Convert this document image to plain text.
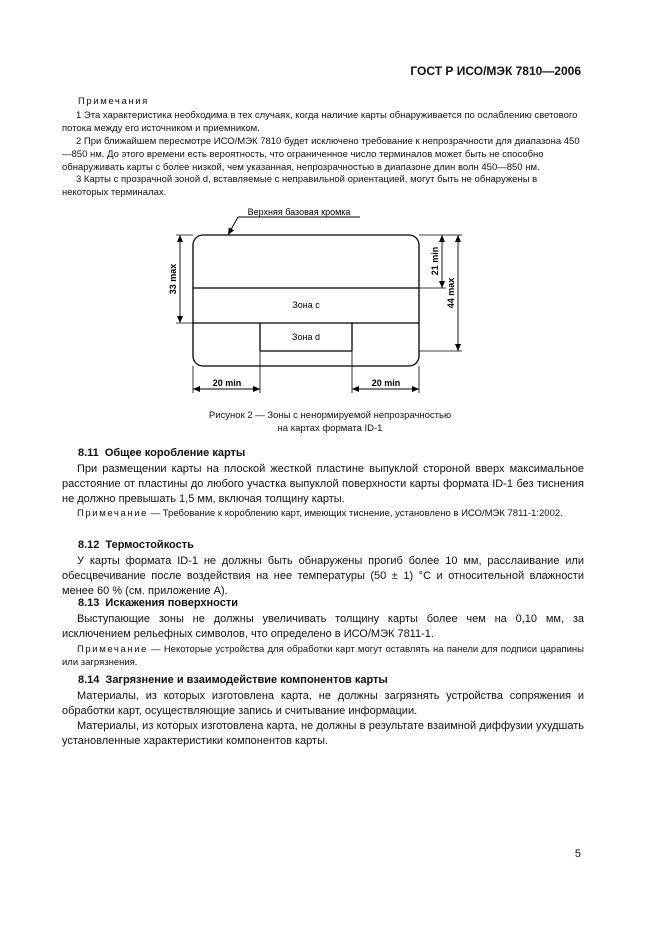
ГОСТ Р ИСО/МЭК 7810—2006
Примечания
1 Эта характеристика необходима в тех случаях, когда наличие карты обнаруживается по ослаблению светового потока между его источником и приемником.
2 При ближайшем пересмотре ИСО/МЭК 7810 будет исключено требование к непрозрачности для диапазона 450—850 нм. До этого времени есть вероятность, что ограниченное число терминалов может быть не способно обнаруживать карты с более низкой, чем указанная, непрозрачностью в диапазоне длин волн 450—850 нм.
3 Карты с прозрачной зоной d, вставляемые с неправильной ориентацией, могут быть не обнаружены в некоторых терминалах.
Верхняя базовая кромка
33 max
21 min
44 max
Зона c
Зона d
20 min	20 min
Рисунок 2 — Зоны с ненормируемой непрозрачностью
на картах формата ID-1
8.11 Общее коробление карты
При размещении карты на плоской жесткой пластине выпуклой стороной вверх максимальное расстояние от пластины до любого участка выпуклой поверхности карты формата ID-1 без тиснения не должно превышать 1,5 мм, включая толщину карты.
Примечание — Требование к короблению карт, имеющих тиснение, установлено в ИСО/МЭК 7811-1:2002.
8.12 Термостойкость
У карты формата ID-1 не должны быть обнаружены прогиб более 10 мм, расслаивание или обесцвечивание после воздействия на нее температуры (50 ± 1) °С и относительной влажности менее 60 % (см. приложение А).
8.13 Искажения поверхности
Выступающие зоны не должны увеличивать толщину карты более чем на 0,10 мм, за исключением рельефных символов, что определено в ИСО/МЭК 7811-1.
Примечание — Некоторые устройства для обработки карт могут оставлять на панели для подписи царапины или загрязнения.
8.14 Загрязнение и взаимодействие компонентов карты
Материалы, из которых изготовлена карта, не должны загрязнять устройства сопряжения и обработки карт, осуществляющие запись и считывание информации.
Материалы, из которых изготовлена карта, не должны в результате взаимной диффузии ухудшать установленные характеристики компонентов карты.
5
